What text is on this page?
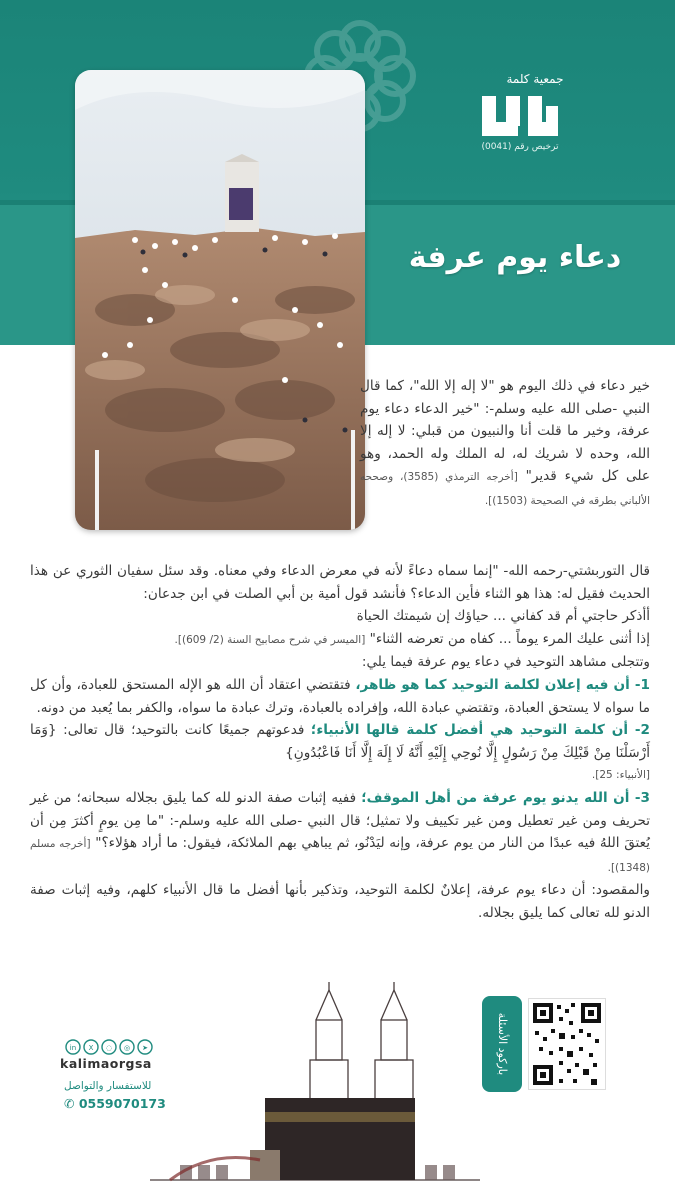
جمعية كلمة
ترخيص رقم (0041)
دعاء يوم عرفة
خير دعاء في ذلك اليوم هو "لا إله إلا الله"، كما قال النبي -صلى الله عليه وسلم-: "خير الدعاء دعاء يوم عرفة، وخير ما قلت أنا والنبيون من قبلي: لا إله إلا الله، وحده لا شريك له، له الملك وله الحمد، وهو على كل شيء قدير" [أخرجه الترمذي (3585)، وصححه الألباني بطرقه في الصحيحة (1503)].
قال التوربشتي-رحمه الله- "إنما سماه دعاءً لأنه في معرض الدعاء وفي معناه. وقد سئل سفيان الثوري عن هذا الحديث فقيل له: هذا هو الثناء فأين الدعاء؟ فأنشد قول أمية بن أبي الصلت في ابن جدعان:
أأذكر حاجتي أم قد كفاني ... حياؤك إن شيمتك الحياة
إذا أثنى عليك المرء يوماً ... كفاه من تعرضه الثناء" [الميسر في شرح مصابيح السنة (2/ 609)].
وتتجلى مشاهد التوحيد في دعاء يوم عرفة فيما يلي:
1- أن فيه إعلان لكلمة التوحيد كما هو ظاهر، فتقتضي اعتقاد أن الله هو الإله المستحق للعبادة، وأن كل ما سواه لا يستحق العبادة، وتقتضي عبادة الله، وإفراده بالعبادة، وترك عبادة ما سواه، والكفر بما يُعبد من دونه.
2- أن كلمة التوحيد هي أفضل كلمة قالها الأنبياء؛ فدعوتهم جميعًا كانت بالتوحيد؛ قال تعالى: {وَمَا أَرْسَلْنَا مِنْ قَبْلِكَ مِنْ رَسُولٍ إِلَّا نُوحِي إِلَيْهِ أَنَّهُ لَا إِلَهَ إِلَّا أَنَا فَاعْبُدُونِ}
[الأنبياء: 25].
3- أن الله يدنو يوم عرفة من أهل الموقف؛ ففيه إثبات صفة الدنو لله كما يليق بجلاله سبحانه؛ من غير تحريف ومن غير تعطيل ومن غير تكييف ولا تمثيل؛ قال النبي -صلى الله عليه وسلم-: "ما مِن يومٍ أكثرَ مِن أن يُعتقَ اللهُ فيه عبدًا من النار من يوم عرفة، وإنه ليَدْنُو، ثم يباهي بهم الملائكة، فيقول: ما أراد هؤلاء؟" [أخرجه مسلم (1348)].
والمقصود: أن دعاء يوم عرفة، إعلانٌ لكلمة التوحيد، وتذكير بأنها أفضل ما قال الأنبياء كلهم، وفيه إثبات صفة الدنو لله تعالى كما يليق بجلاله.
باركود الأسئلة
in X ◌ ◎ ➤
kalimaorgsa
للاستفسار والتواصل
✆ 0559070173
